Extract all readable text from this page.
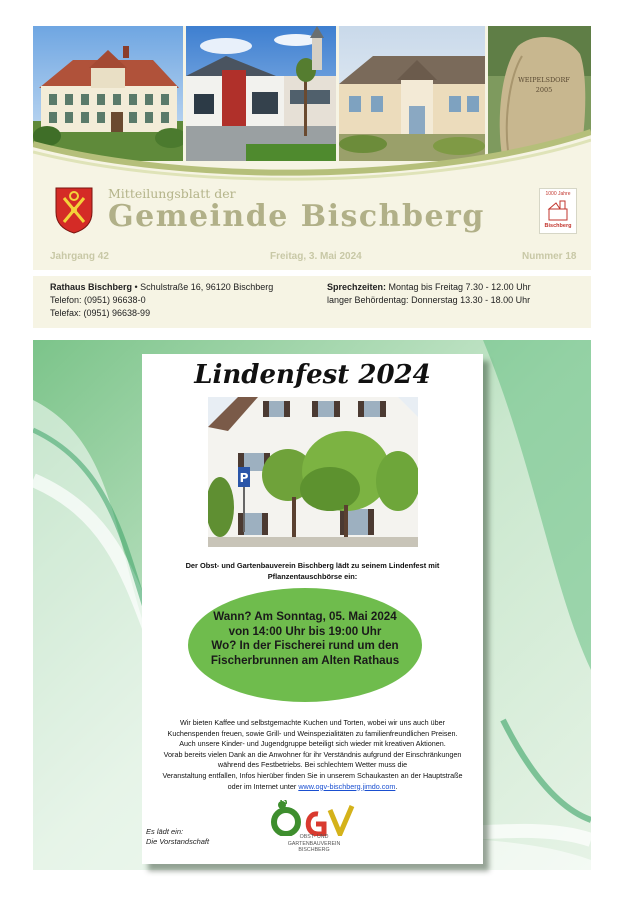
WEIPELSDORF
2005
Mitteilungsblatt der
Gemeinde Bischberg
1000 Jahre
Bischberg
Jahrgang 42	Freitag, 3. Mai 2024	Nummer 18
Rathaus Bischberg • Schulstraße 16, 96120 Bischberg
Telefon: (0951) 96638-0
Telefax: (0951) 96638-99
Sprechzeiten: Montag bis Freitag 7.30 - 12.00 Uhr
langer Behördentag: Donnerstag 13.30 - 18.00 Uhr
Lindenfest 2024
P
Der Obst- und Gartenbauverein Bischberg lädt zu seinem Lindenfest mit
Pflanzentauschbörse ein:
Wann? Am Sonntag, 05. Mai 2024
von 14:00 Uhr bis 19:00 Uhr
Wo? In der Fischerei rund um den
Fischerbrunnen am Alten Rathaus
Wir bieten Kaffee und selbstgemachte Kuchen und Torten, wobei wir uns auch über
Kuchenspenden freuen, sowie Grill- und Weinspezialitäten zu familienfreundlichen Preisen.
Auch unsere Kinder- und Jugendgruppe beteiligt sich wieder mit kreativen Aktionen.
Vorab bereits vielen Dank an die Anwohner für ihr Verständnis aufgrund der Einschränkungen
während des Festbetriebs. Bei schlechtem Wetter muss die
Veranstaltung entfallen, Infos hierüber finden Sie in unserem Schaukasten an der Hauptstraße
oder im Internet unter www.ogv-bischberg.jimdo.com.
Es lädt ein:
Die Vorstandschaft	OBST- UND
GARTENBAUVEREIN
BISCHBERG
